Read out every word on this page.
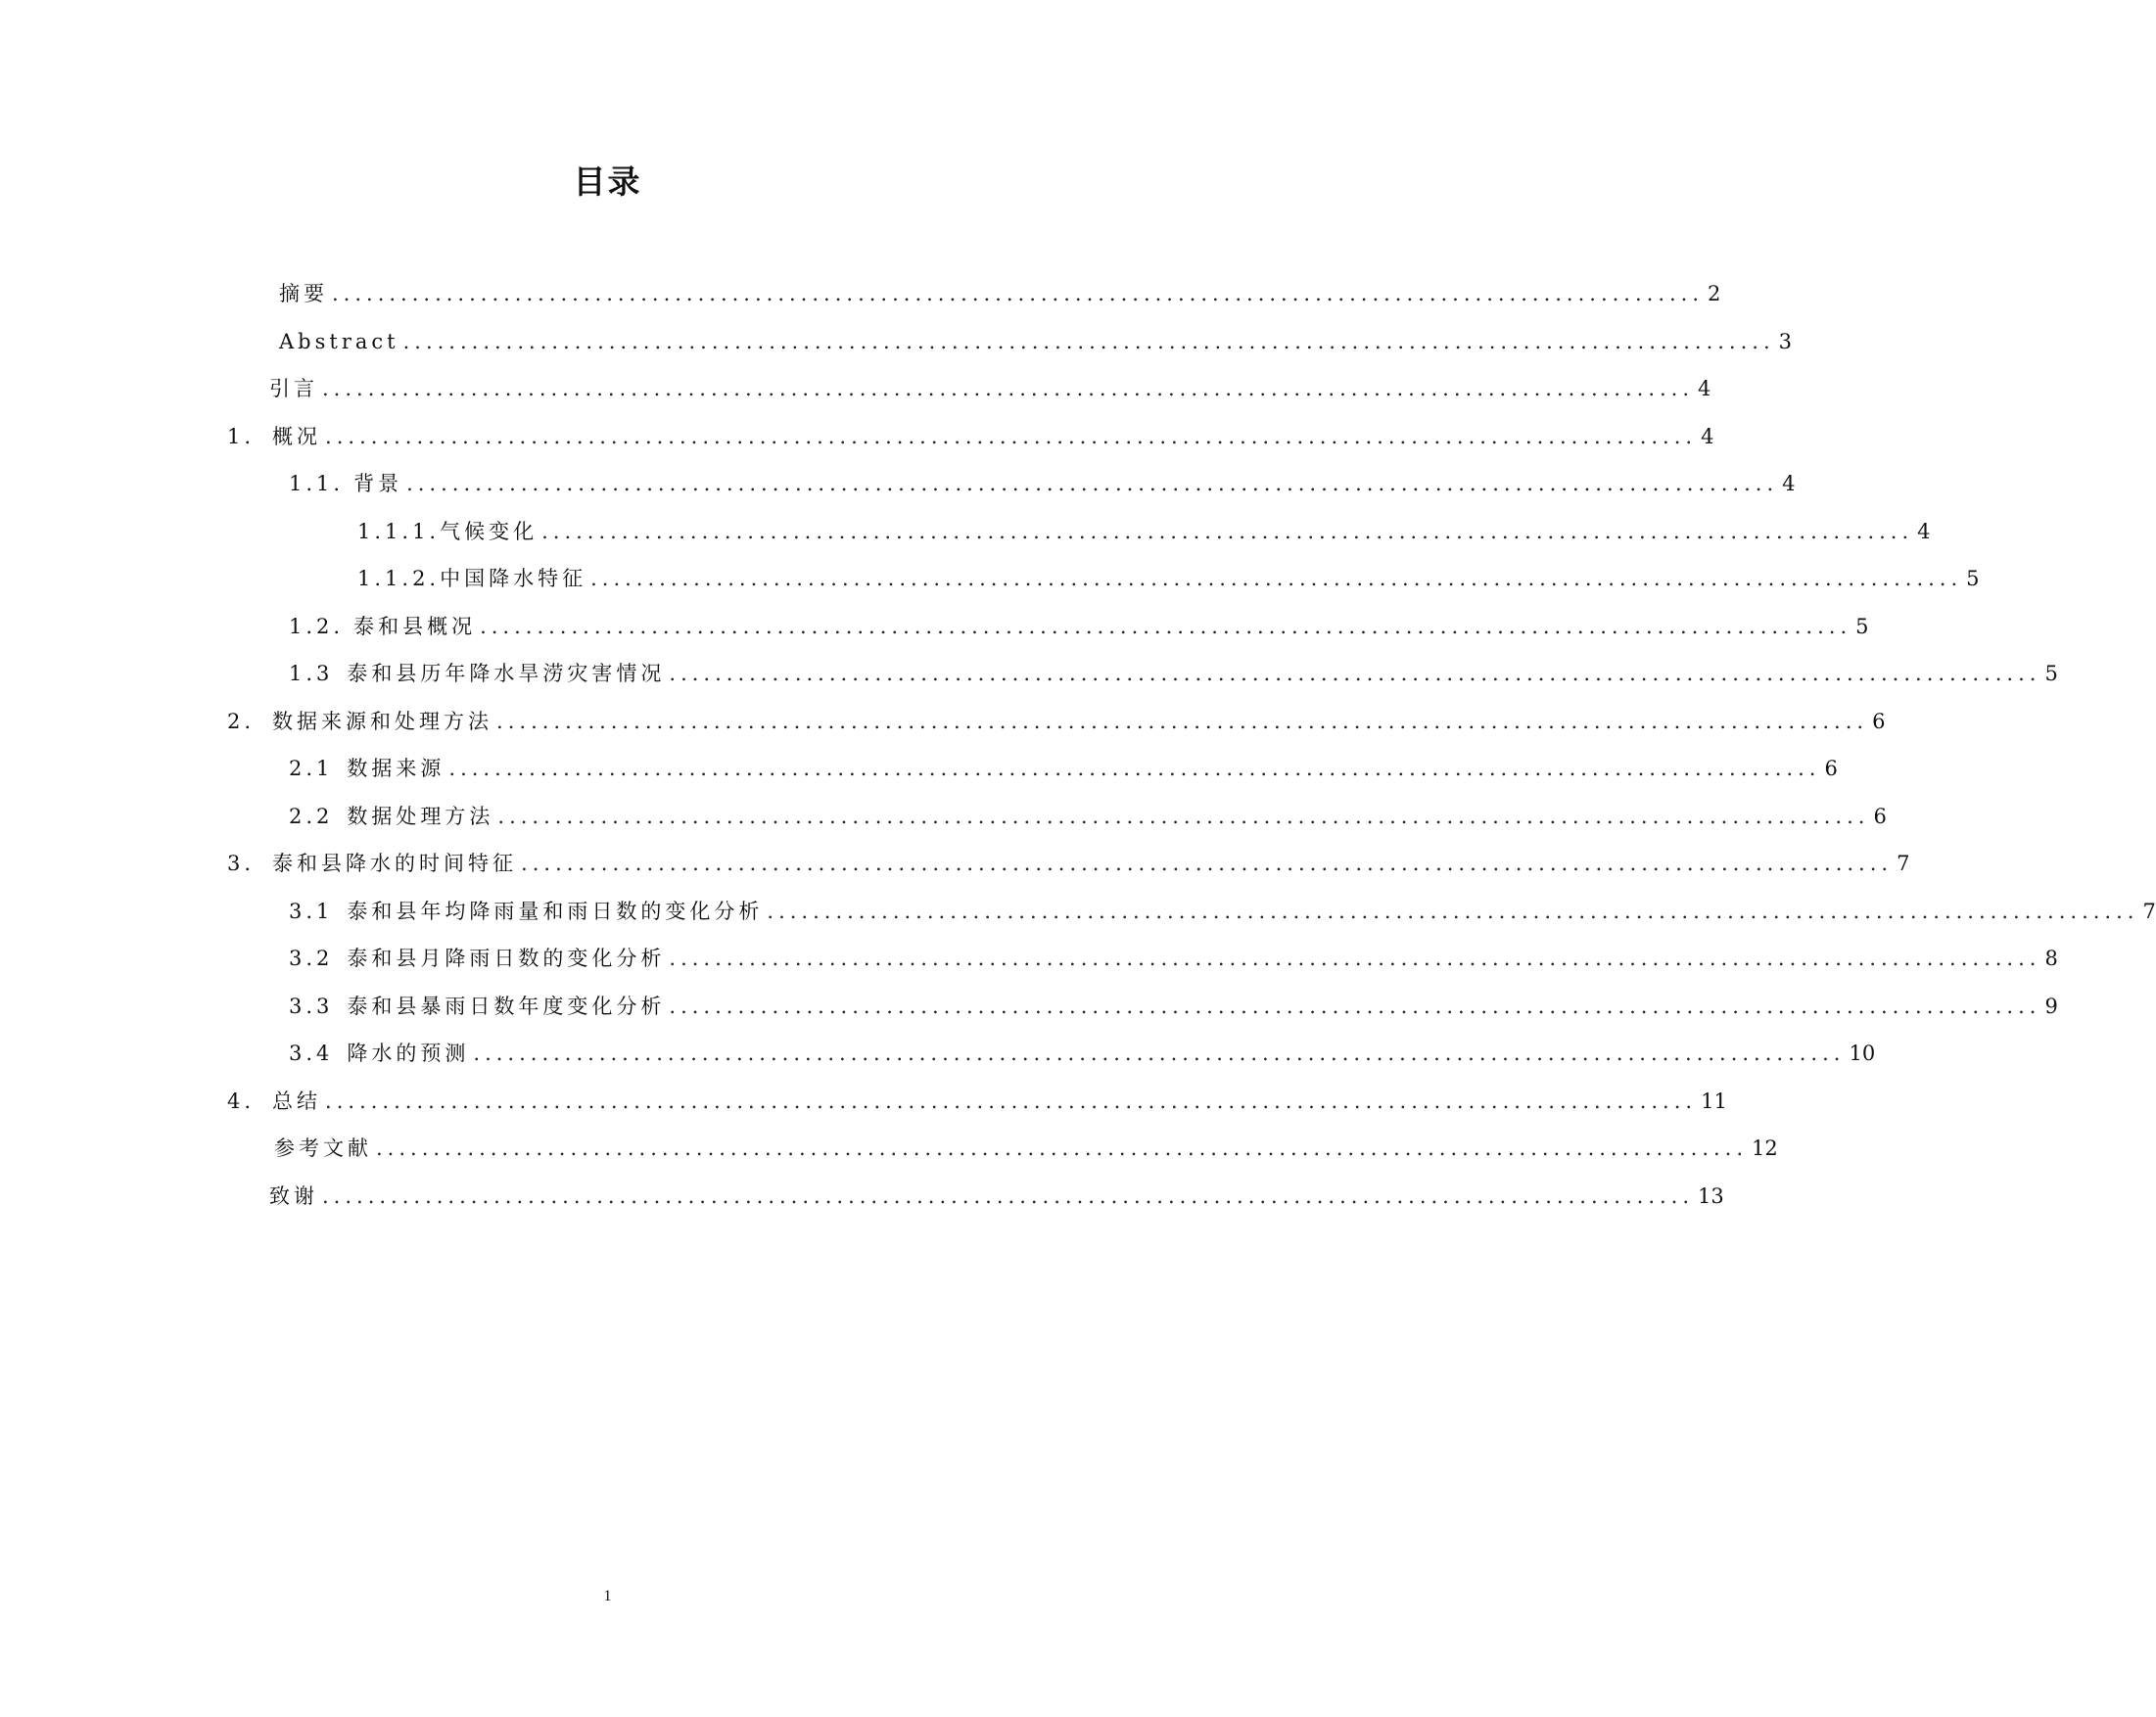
目录
摘要 ........................................................................................................................ 2
Abstract ........................................................................................................................ 3
引言 ........................................................................................................................ 4
1. 概况 ........................................................................................................................ 4
1.1. 背景 ........................................................................................................................ 4
1.1.1. 气候变化 ........................................................................................................................ 4
1.1.2. 中国降水特征 ........................................................................................................................ 5
1.2. 泰和县概况 ........................................................................................................................ 5
1.3 泰和县历年降水旱涝灾害情况 ........................................................................................................................ 5
2. 数据来源和处理方法 ........................................................................................................................ 6
2.1 数据来源 ........................................................................................................................ 6
2.2 数据处理方法 ........................................................................................................................ 6
3. 泰和县降水的时间特征 ........................................................................................................................ 7
3.1 泰和县年均降雨量和雨日数的变化分析 ........................................................................................................................ 7
3.2 泰和县月降雨日数的变化分析 ........................................................................................................................ 8
3.3 泰和县暴雨日数年度变化分析 ........................................................................................................................ 9
3.4 降水的预测 ........................................................................................................................ 10
4. 总结 ........................................................................................................................ 11
参考文献 ........................................................................................................................ 12
致谢 ........................................................................................................................ 13
1
